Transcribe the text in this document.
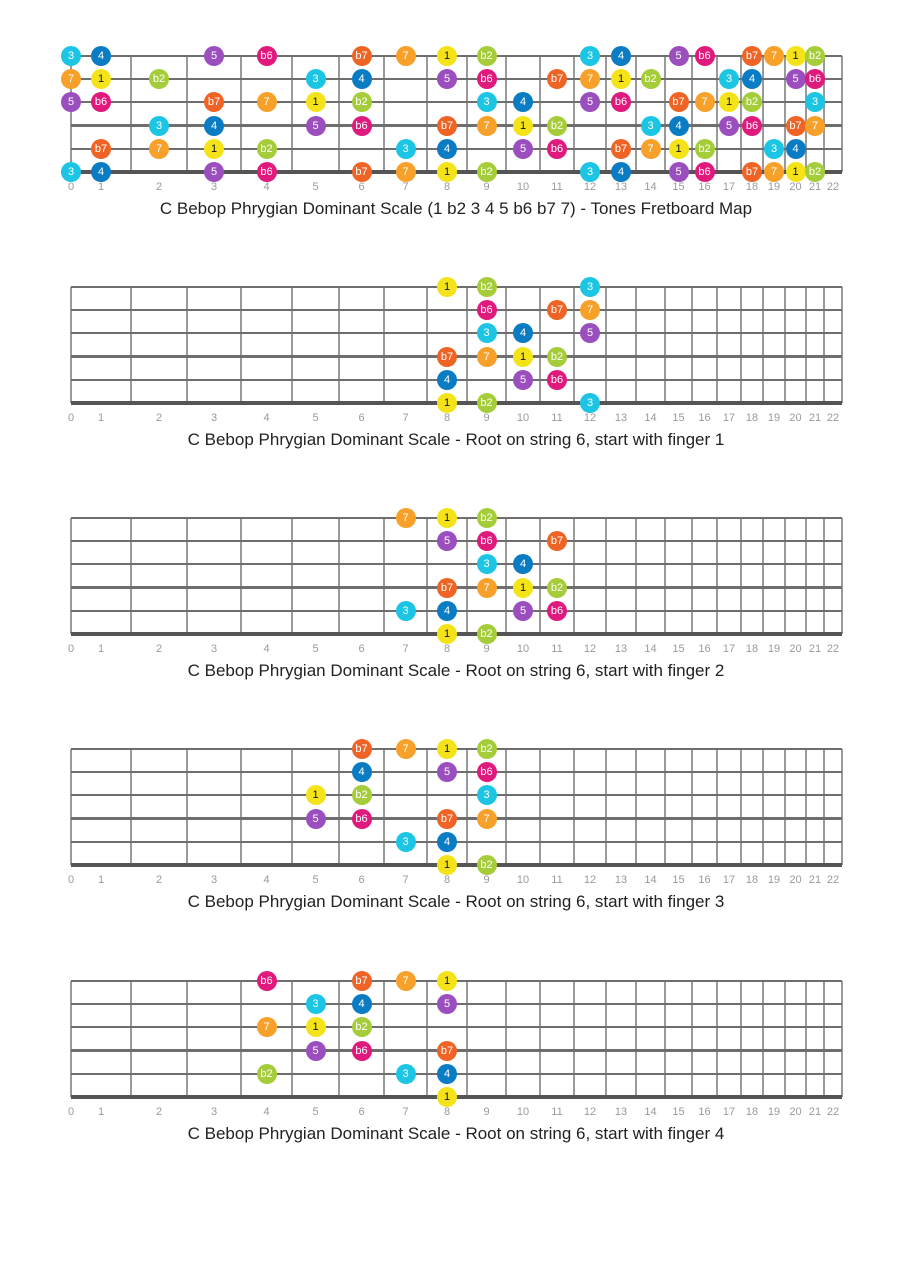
3	4	5	b6	b7	7	1	b2	3	4	5	b6	b7	7	1 b2
7	1	b2	3	4	5	b6	b7	7	1	b2	3	4	5 b6
5	b6	b7	7	1	b2	3	4	5	b6	b7	7	1	b2	3
3	4	5	b6	b7	7	1	b2	3	4	5	b6	b7 7
b7	7	1	b2	3	4	5	b6	b7	7	1	b2	3	4
3	4	5	b6	b7	7	1	b2	3	4	5	b6	b7	7	1 b2
0 1	2	3	4	5	6	7	8	9 10 11 12 13 14 15 16 17 18 19 20 21 22
C Bebop Phrygian Dominant Scale (1 b2 3 4 5 b6 b7 7) - Tones Fretboard Map
1	b2	3
b6	b7	7
3	4	5
b7	7	1	b2
4	5	b6
1	b2	3
0 1	2	3	4	5	6	7	8	9 10 11 12 13 14 15 16 17 18 19 20 21 22
C Bebop Phrygian Dominant Scale - Root on string 6, start with finger 1
7	1	b2
5	b6	b7
3	4
b7	7	1	b2
3	4	5	b6
1	b2
0 1	2	3	4	5	6	7	8	9 10 11 12 13 14 15 16 17 18 19 20 21 22
C Bebop Phrygian Dominant Scale - Root on string 6, start with finger 2
b7	7	1	b2
4	5	b6
1	b2	3
5	b6	b7	7
3	4
1	b2
0 1	2	3	4	5	6	7	8	9 10 11 12 13 14 15 16 17 18 19 20 21 22
C Bebop Phrygian Dominant Scale - Root on string 6, start with finger 3
b6	b7	7	1
3	4	5
7	1	b2
5	b6	b7
b2	3	4
1
0 1	2	3	4	5	6	7	8	9 10 11 12 13 14 15 16 17 18 19 20 21 22
C Bebop Phrygian Dominant Scale - Root on string 6, start with finger 4
